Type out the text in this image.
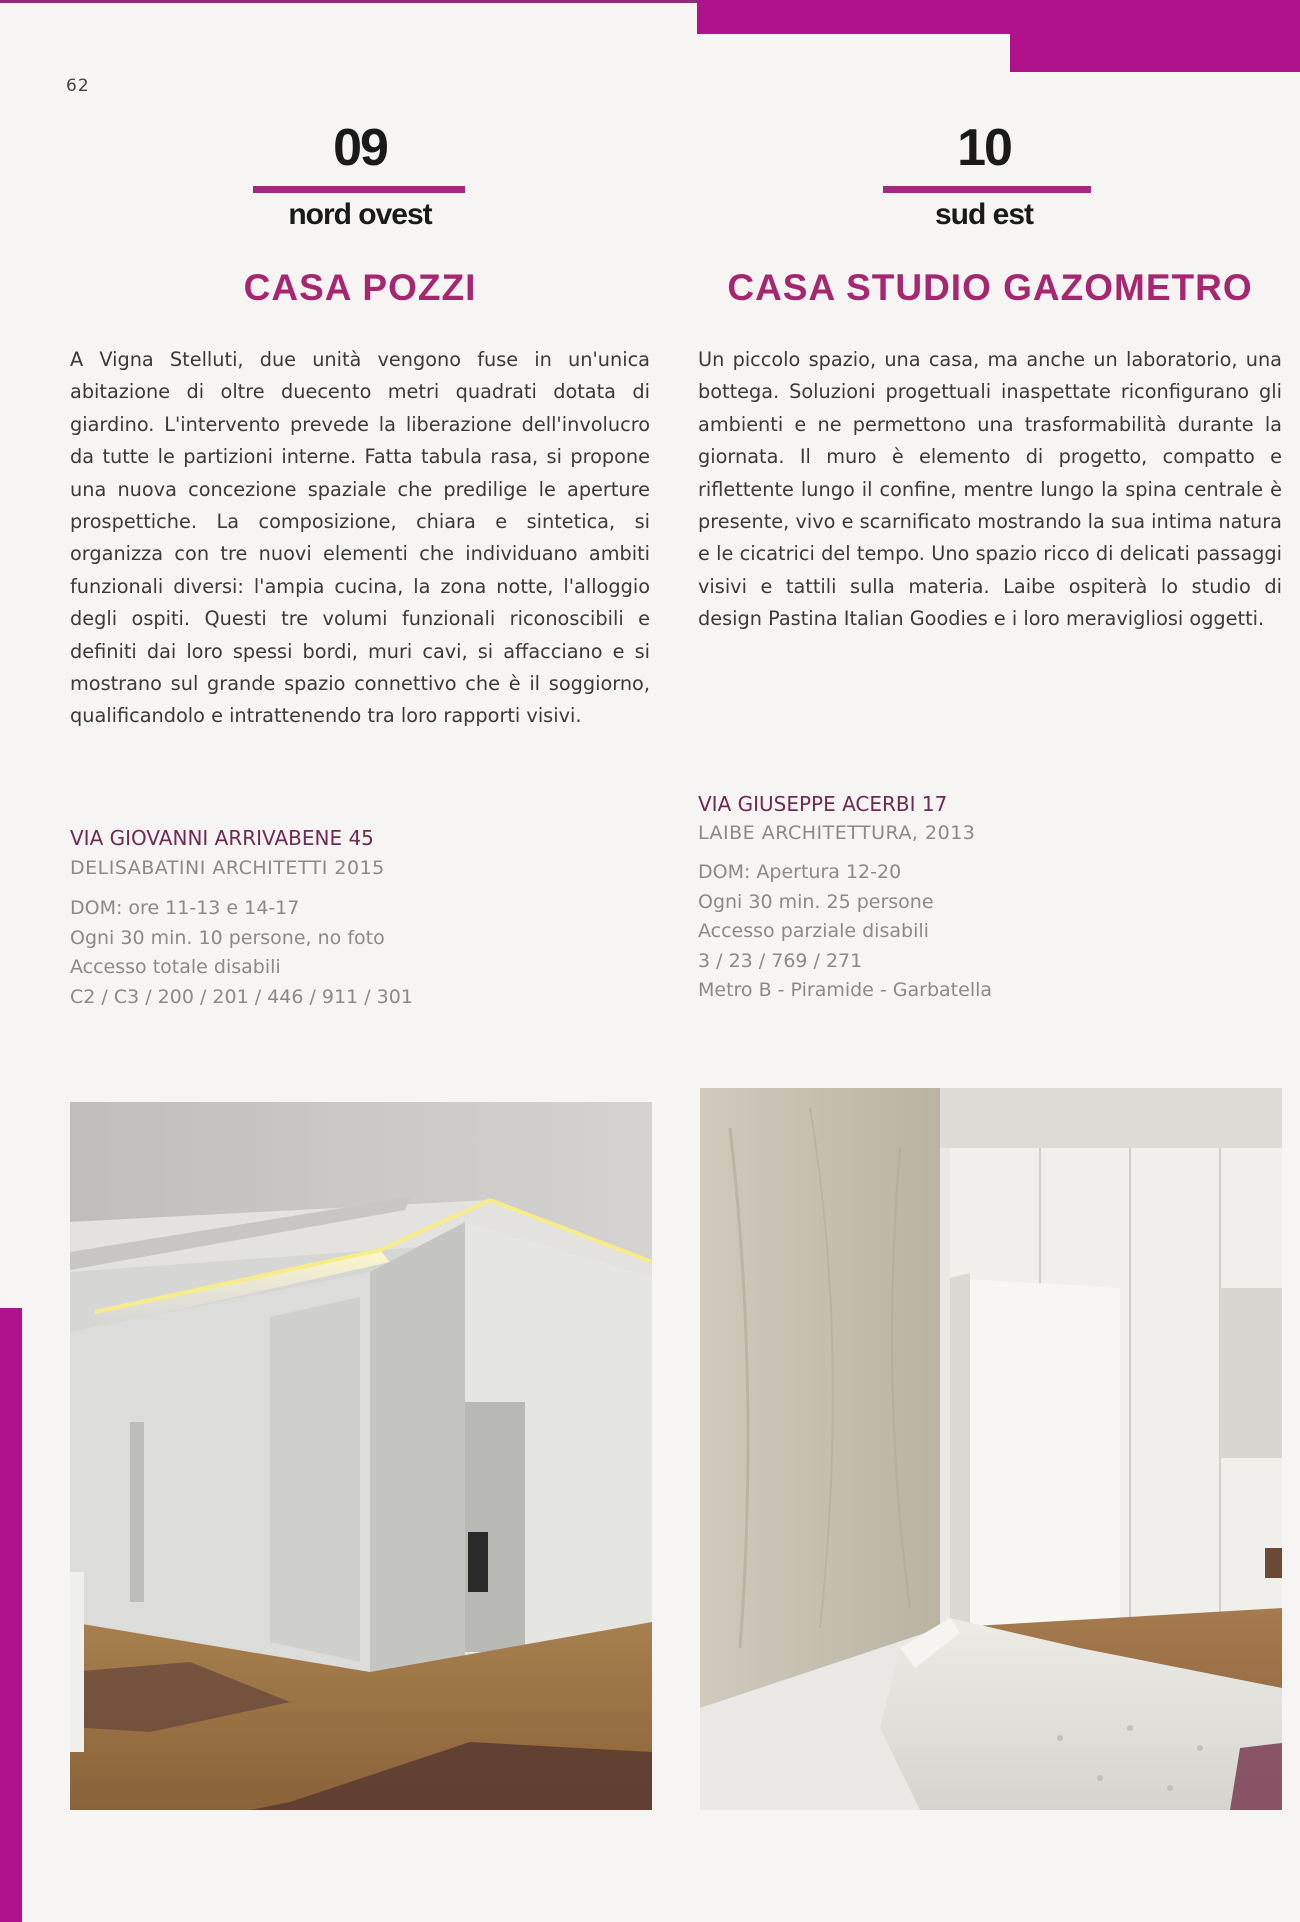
62
09
nord ovest
CASA POZZI

A Vigna Stelluti, due unità vengono fuse in un'unica abitazione di oltre duecento metri quadrati dotata di giardino. L'intervento prevede la liberazione dell'involucro da tutte le partizioni interne. Fatta tabula rasa, si propone una nuova concezione spaziale che predilige le aperture prospettiche. La composizione, chiara e sintetica, si organizza con tre nuovi elementi che individuano ambiti funzionali diversi: l'ampia cucina, la zona notte, l'alloggio degli ospiti. Questi tre volumi funzionali riconoscibili e definiti dai loro spessi bordi, muri cavi, si affacciano e si mostrano sul grande spazio connettivo che è il soggiorno, qualificandolo e intrattenendo tra loro rapporti visivi.

VIA GIOVANNI ARRIVABENE 45

DELISABATINI ARCHITETTI 2015

DOM: ore 11-13 e 14-17
Ogni 30 min. 10 persone, no foto
Accesso totale disabili
C2 / C3 / 200 / 201 / 446 / 911 / 301
10
sud est
CASA STUDIO GAZOMETRO

Un piccolo spazio, una casa, ma anche un laboratorio, una bottega. Soluzioni progettuali inaspettate riconfigurano gli ambienti e ne permettono una trasformabilità durante la giornata. Il muro è elemento di progetto, compatto e riflettente lungo il confine, mentre lungo la spina centrale è presente, vivo e scarnificato mostrando la sua intima natura e le cicatrici del tempo. Uno spazio ricco di delicati passaggi visivi e tattili sulla materia. Laibe ospiterà lo studio di design Pastina Italian Goodies e i loro meravigliosi oggetti.

VIA GIUSEPPE ACERBI 17

LAIBE ARCHITETTURA, 2013

DOM: Apertura 12-20
Ogni 30 min. 25 persone
Accesso parziale disabili
3 / 23 / 769 / 271
Metro B - Piramide - Garbatella
